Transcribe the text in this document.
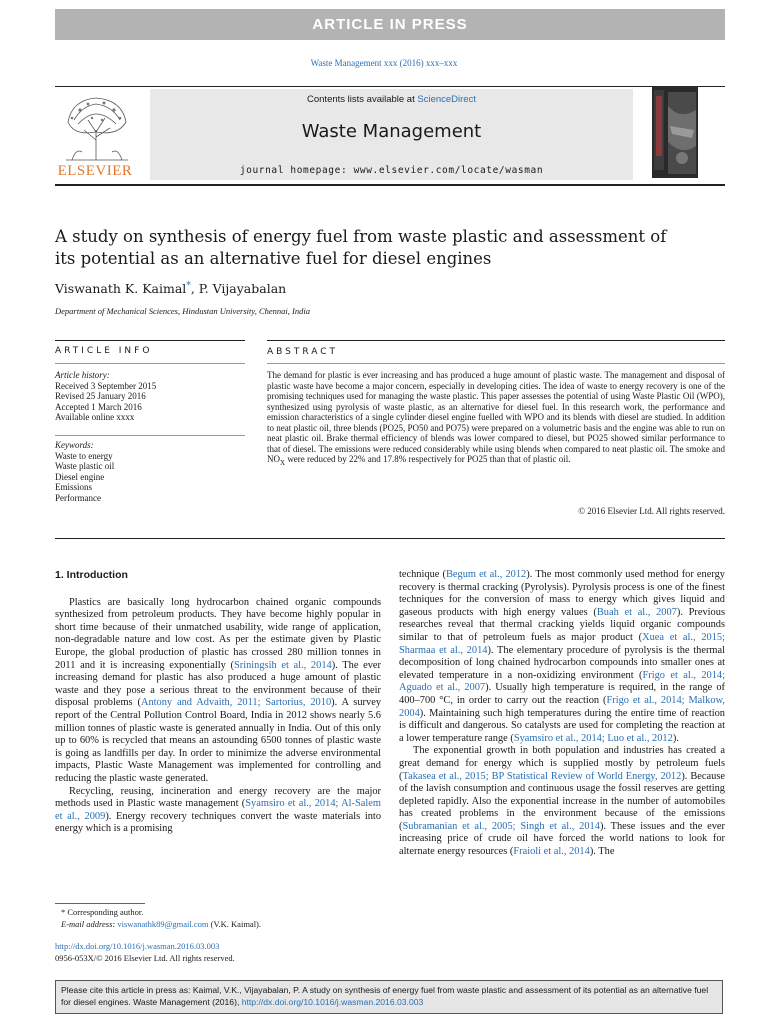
ARTICLE IN PRESS
Waste Management xxx (2016) xxx–xxx
ELSEVIER
Contents lists available at ScienceDirect
Waste Management
journal homepage: www.elsevier.com/locate/wasman
A study on synthesis of energy fuel from waste plastic and assessment of its potential as an alternative fuel for diesel engines
Viswanath K. Kaimal*, P. Vijayabalan
Department of Mechanical Sciences, Hindustan University, Chennai, India
ARTICLE INFO	ABSTRACT
Article history:
Received 3 September 2015
Revised 25 January 2016
Accepted 1 March 2016
Available online xxxx
Keywords:
Waste to energy
Waste plastic oil
Diesel engine
Emissions
Performance
The demand for plastic is ever increasing and has produced a huge amount of plastic waste. The management and disposal of plastic waste have become a major concern, especially in developing cities. The idea of waste to energy recovery is one of the promising techniques used for managing the waste plastic. This paper assesses the potential of using Waste Plastic Oil (WPO), synthesized using pyrolysis of waste plastic, as an alternative for diesel fuel. In this research work, the performance and emission characteristics of a single cylinder diesel engine fuelled with WPO and its blends with diesel are studied. In addition to neat plastic oil, three blends (PO25, PO50 and PO75) were prepared on a volumetric basis and the engine was able to run on neat plastic oil. Brake thermal efficiency of blends was lower compared to diesel, but PO25 showed similar performance to that of diesel. The emissions were reduced considerably while using blends when compared to neat plastic oil. The smoke and $NO_X$ were reduced by 22% and 17.8% respectively for PO25 than that of plastic oil.
© 2016 Elsevier Ltd. All rights reserved.
1. Introduction

Plastics are basically long hydrocarbon chained organic compounds synthesized from petroleum products. They have become highly popular in short time because of their unmatched usability, wide range of application, non-degradable nature and low cost. As per the estimate given by Plastic Europe, the global production of plastic has crossed 280 million tonnes in 2011 and it is increasing exponentially (Sriningsih et al., 2014). The ever increasing demand for plastic has also produced a huge amount of plastic waste and they pose a serious threat to the environment because of their disposal problems (Antony and Advaith, 2011; Sartorius, 2010). A survey report of the Central Pollution Control Board, India in 2012 shows nearly 5.6 million tonnes of plastic waste is generated annually in India. Out of this only up to 60% is recycled that means an astounding 6500 tonnes of plastic waste is going as landfills per day. In order to minimize the adverse environmental impacts, Plastic Waste Management was implemented for controlling and reducing the plastic waste generated.

Recycling, reusing, incineration and energy recovery are the major methods used in Plastic waste management (Syamsiro et al., 2014; Al-Salem et al., 2009). Energy recovery techniques convert the waste materials into energy which is a promising

technique (Begum et al., 2012). The most commonly used method for energy recovery is thermal cracking (Pyrolysis). Pyrolysis process is one of the finest techniques for the conversion of mass to energy which gives liquid and gaseous products with high energy values (Buah et al., 2007). Previous researches reveal that thermal cracking yields liquid organic compounds similar to that of petroleum fuels as major product (Xuea et al., 2015; Sharmaa et al., 2014). The elementary procedure of pyrolysis is the thermal decomposition of long chained hydrocarbon compounds into smaller ones at elevated temperature in a non-oxidizing environment (Frigo et al., 2014; Aguado et al., 2007). Usually high temperature is required, in the range of 400–700 °C, in order to carry out the reaction (Frigo et al., 2014; Malkow, 2004). Maintaining such high temperatures during the entire time of reaction is difficult and dangerous. So catalysts are used for completing the reaction at a lower temperature range (Syamsiro et al., 2014; Luo et al., 2012).

The exponential growth in both population and industries has created a great demand for energy which is supplied mostly by petroleum fuels (Takasea et al., 2015; BP Statistical Review of World Energy, 2012). Because of the lavish consumption and continuous usage the fossil reserves are getting depleted rapidly. Also the exponential increase in the number of automobiles has created problems in the environment because of the emissions (Subramanian et al., 2005; Singh et al., 2014). These issues and the ever increasing price of crude oil have forced the world nations to look for alternate energy resources (Fraioli et al., 2014). The

* Corresponding author.
E-mail address: viswanathk89@gmail.com (V.K. Kaimal).
http://dx.doi.org/10.1016/j.wasman.2016.03.003
0956-053X/© 2016 Elsevier Ltd. All rights reserved.
Please cite this article in press as: Kaimal, V.K., Vijayabalan, P. A study on synthesis of energy fuel from waste plastic and assessment of its potential as an alternative fuel for diesel engines. Waste Management (2016), http://dx.doi.org/10.1016/j.wasman.2016.03.003
